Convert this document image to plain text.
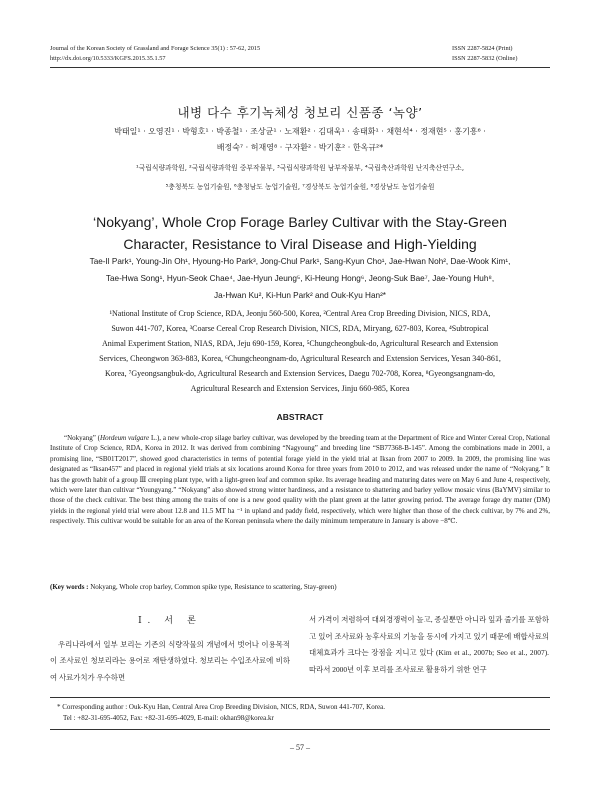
Journal of the Korean Society of Grassland and Forage Science 35(1) : 57-62, 2015
http://dx.doi.org/10.5333/KGFS.2015.35.1.57
ISSN 2287-5824 (Print)
ISSN 2287-5832 (Online)
내병 다수 후기녹체성 청보리 신품종 ‘녹양’
박태일¹ · 오영진¹ · 박형호¹ · 박종철¹ · 조상균¹ · 노재환² · 김대욱¹ · 송태화¹ · 채현석⁴ · 정재현⁵ · 홍기흥⁶ ·
배정숙⁷ · 허재영⁸ · 구자환² · 박기훈² · 한옥규²*
¹국립식량과학원, ²국립식량과학원 중부작물부, ³국립식량과학원 남부작물부, ⁴국립축산과학원 난지축산연구소,
⁵충청북도 농업기술원, ⁶충청남도 농업기술원, ⁷경상북도 농업기술원, ⁸경상남도 농업기술원
‘Nokyang’, Whole Crop Forage Barley Cultivar with the Stay-Green
Character, Resistance to Viral Disease and High-Yielding
Tae-Il Park¹, Young-Jin Oh¹, Hyoung-Ho Park³, Jong-Chul Park¹, Sang-Kyun Cho¹, Jae-Hwan Noh², Dae-Wook Kim¹,
Tae-Hwa Song¹, Hyun-Seok Chae⁴, Jae-Hyun Jeung⁵, Ki-Heung Hong⁶, Jeong-Suk Bae⁷, Jae-Young Huh⁸,
Ja-Hwan Ku², Ki-Hun Park² and Ouk-Kyu Han²*
¹National Institute of Crop Science, RDA, Jeonju 560-500, Korea, ²Central Area Crop Breeding Division, NICS, RDA,
Suwon 441-707, Korea, ³Coarse Cereal Crop Research Division, NICS, RDA, Miryang, 627-803, Korea, ⁴Subtropical
Animal Experiment Station, NIAS, RDA, Jeju 690-159, Korea, ⁵Chungcheongbuk-do, Agricultural Research and Extension
Services, Cheongwon 363-883, Korea, ⁶Chungcheongnam-do, Agricultural Research and Extension Services, Yesan 340-861,
Korea, ⁷Gyeongsangbuk-do, Agricultural Research and Extension Services, Daegu 702-708, Korea, ⁸Gyeongsangnam-do,
Agricultural Research and Extension Services, Jinju 660-985, Korea
ABSTRACT

“Nokyang” (Hordeum vulgare L.), a new whole-crop silage barley cultivar, was developed by the breeding team at the Department of Rice and Winter Cereal Crop, National Institute of Crop Science, RDA, Korea in 2012. It was derived from combining “Nagyoung” and breeding line “SB77368-B-145”. Among the combinations made in 2001, a promising line, “SB01T2017”, showed good characteristics in terms of potential forage yield in the yield trial at Iksan from 2007 to 2009. In 2009, the promising line was designated as “Iksan457” and placed in regional yield trials at six locations around Korea for three years from 2010 to 2012, and was released under the name of “Nokyang.” It has the growth habit of a group Ⅲ creeping plant type, with a light-green leaf and common spike. Its average heading and maturing dates were on May 6 and June 4, respectively, which were later than cultivar “Youngyang.” “Nokyang” also showed strong winter hardiness, and a resistance to shattering and barley yellow mosaic virus (BaYMV) similar to those of the check cultivar. The best thing among the traits of one is a new good quality with the plant green at the latter growing period. The average forage dry matter (DM) yields in the regional yield trial were about 12.8 and 11.5 MT ha ⁻¹ in upland and paddy field, respectively, which were higher than those of the check cultivar, by 7% and 2%, respectively. This cultivar would be suitable for an area of the Korean peninsula where the daily minimum temperature in January is above −8℃.

(Key words : Nokyang, Whole crop barley, Common spike type, Resistance to scattering, Stay-green)
Ⅰ. 서 론

우리나라에서 일부 보리는 기존의 식량작물의 개념에서 벗어나 이용목적이 조사료인 청보리라는 용어로 재탄생하였다. 청보리는 수입조사료에 비하여 사료가치가 우수하면

서 가격이 저렴하여 대외경쟁력이 높고, 종실뿐만 아니라 잎과 줄기를 포함하고 있어 조사료와 농후사료의 기능을 동시에 가지고 있기 때문에 배합사료의 대체효과가 크다는 장점을 지니고 있다 (Kim et al., 2007b; Seo et al., 2007). 따라서 2000년 이후 보리를 조사료로 활용하기 위한 연구

* Corresponding author : Ouk-Kyu Han, Central Area Crop Breeding Division, NICS, RDA, Suwon 441-707, Korea.
Tel : +82-31-695-4052, Fax: +82-31-695-4029, E-mail: okhan98@korea.kr
– 57 –
